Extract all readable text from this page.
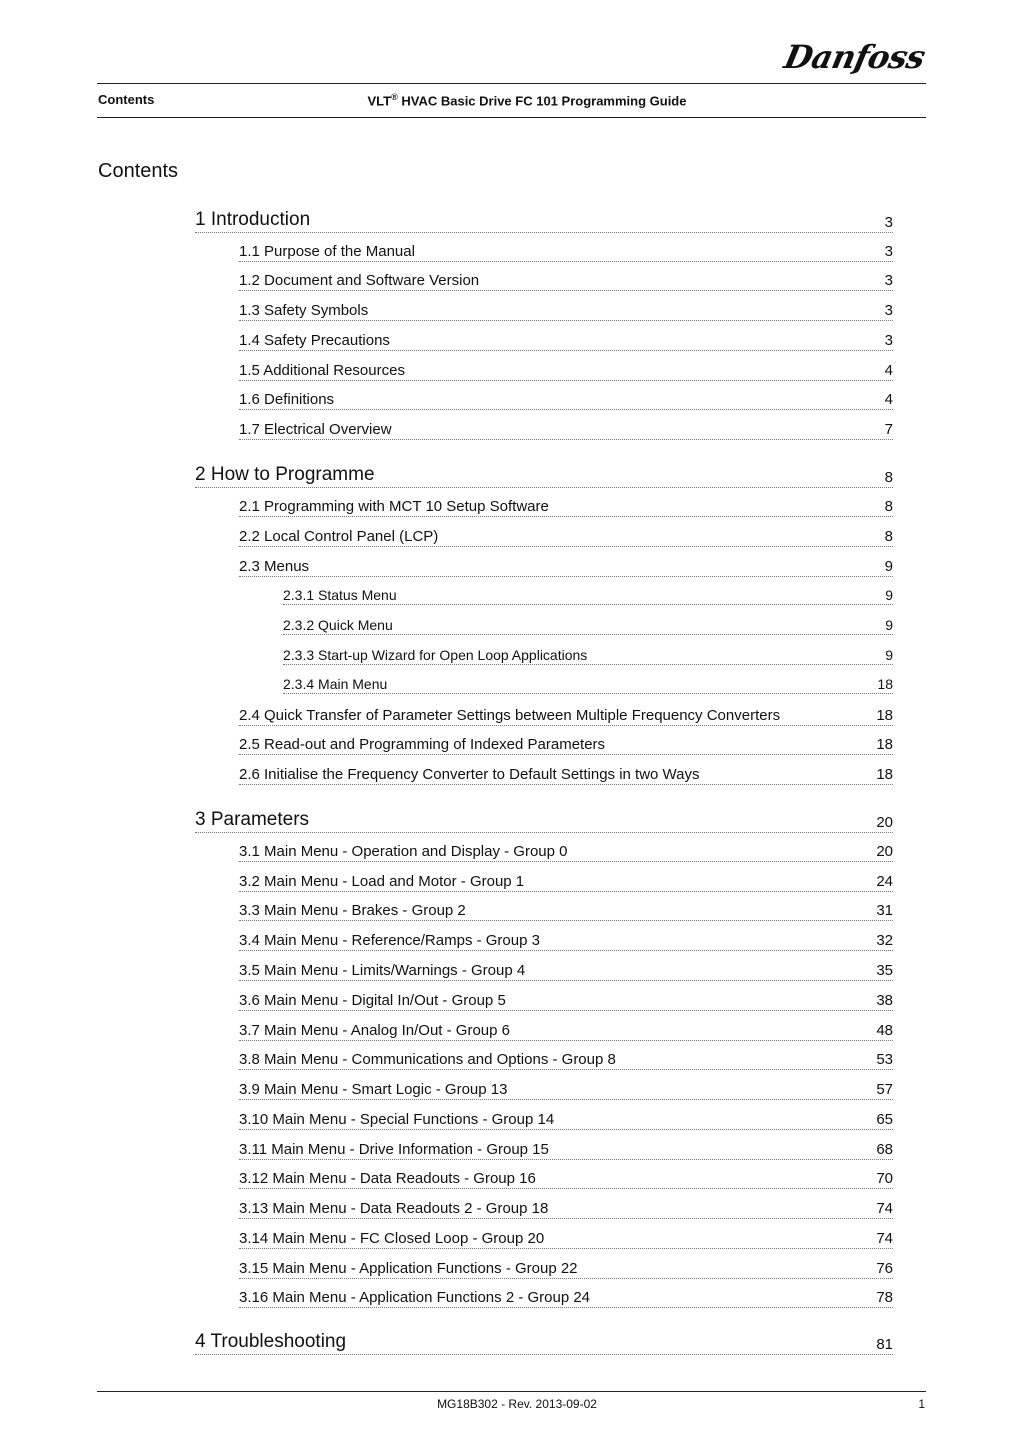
Danfoss
Contents	VLT® HVAC Basic Drive FC 101 Programming Guide
Contents
1 Introduction	3
1.1 Purpose of the Manual	3
1.2 Document and Software Version	3
1.3 Safety Symbols	3
1.4 Safety Precautions	3
1.5 Additional Resources	4
1.6 Definitions	4
1.7 Electrical Overview	7
2 How to Programme	8
2.1 Programming with MCT 10 Setup Software	8
2.2 Local Control Panel (LCP)	8
2.3 Menus	9
2.3.1 Status Menu	9
2.3.2 Quick Menu	9
2.3.3 Start-up Wizard for Open Loop Applications	9
2.3.4 Main Menu	18
2.4 Quick Transfer of Parameter Settings between Multiple Frequency Converters	18
2.5 Read-out and Programming of Indexed Parameters	18
2.6 Initialise the Frequency Converter to Default Settings in two Ways	18
3 Parameters	20
3.1 Main Menu - Operation and Display - Group 0	20
3.2 Main Menu - Load and Motor - Group 1	24
3.3 Main Menu - Brakes - Group 2	31
3.4 Main Menu - Reference/Ramps - Group 3	32
3.5 Main Menu - Limits/Warnings - Group 4	35
3.6 Main Menu - Digital In/Out - Group 5	38
3.7 Main Menu - Analog In/Out - Group 6	48
3.8 Main Menu - Communications and Options - Group 8	53
3.9 Main Menu - Smart Logic - Group 13	57
3.10 Main Menu - Special Functions - Group 14	65
3.11 Main Menu - Drive Information - Group 15	68
3.12 Main Menu - Data Readouts - Group 16	70
3.13 Main Menu - Data Readouts 2 - Group 18	74
3.14 Main Menu - FC Closed Loop - Group 20	74
3.15 Main Menu - Application Functions - Group 22	76
3.16 Main Menu - Application Functions 2 - Group 24	78
4 Troubleshooting	81
MG18B302 - Rev. 2013-09-02	1
